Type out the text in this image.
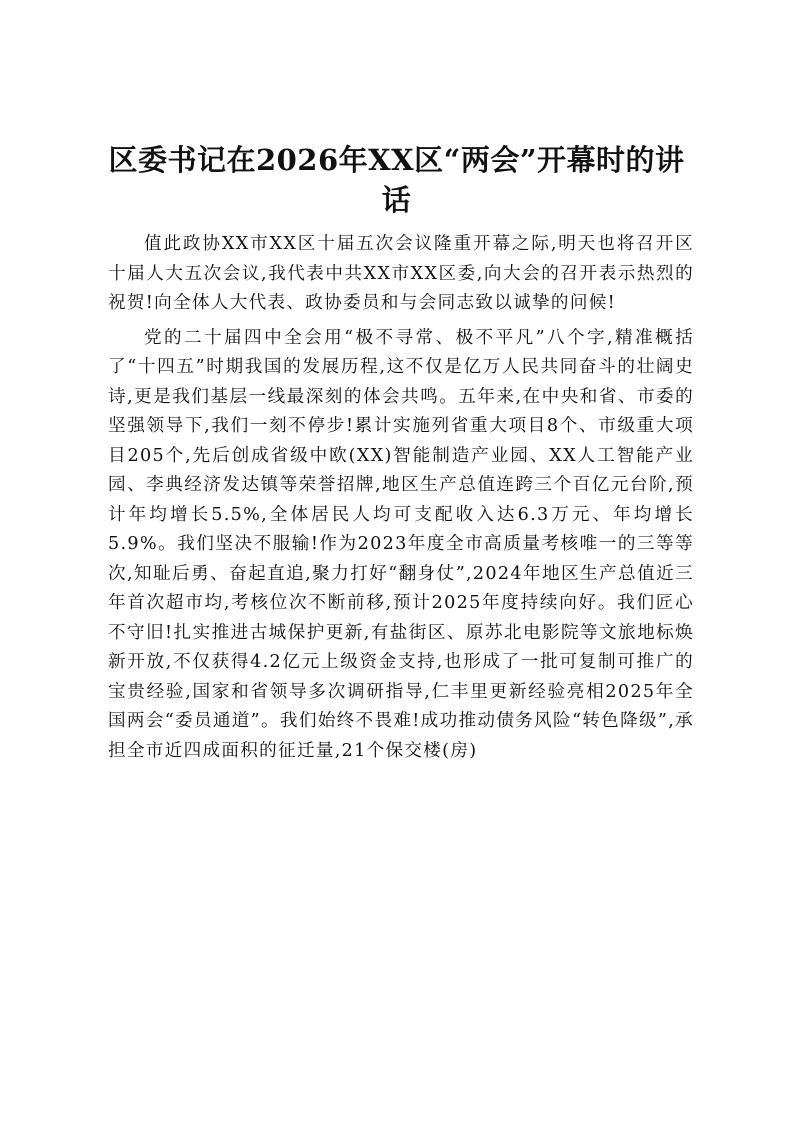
区委书记在2026年XX区“两会”开幕时的讲话

值此政协XX市XX区十届五次会议隆重开幕之际,明天也将召开区十届人大五次会议,我代表中共XX市XX区委,向大会的召开表示热烈的祝贺!向全体人大代表、政协委员和与会同志致以诚挚的问候!

党的二十届四中全会用“极不寻常、极不平凡”八个字,精准概括了“十四五”时期我国的发展历程,这不仅是亿万人民共同奋斗的壮阔史诗,更是我们基层一线最深刻的体会共鸣。五年来,在中央和省、市委的坚强领导下,我们一刻不停步!累计实施列省重大项目8个、市级重大项目205个,先后创成省级中欧(XX)智能制造产业园、XX人工智能产业园、李典经济发达镇等荣誉招牌,地区生产总值连跨三个百亿元台阶,预计年均增长5.5%,全体居民人均可支配收入达6.3万元、年均增长5.9%。我们坚决不服输!作为2023年度全市高质量考核唯一的三等等次,知耻后勇、奋起直追,聚力打好“翻身仗”,2024年地区生产总值近三年首次超市均,考核位次不断前移,预计2025年度持续向好。我们匠心不守旧!扎实推进古城保护更新,有盐街区、原苏北电影院等文旅地标焕新开放,不仅获得4.2亿元上级资金支持,也形成了一批可复制可推广的宝贵经验,国家和省领导多次调研指导,仁丰里更新经验亮相2025年全国两会“委员通道”。我们始终不畏难!成功推动债务风险“转色降级”,承担全市近四成面积的征迁量,21个保交楼(房)
